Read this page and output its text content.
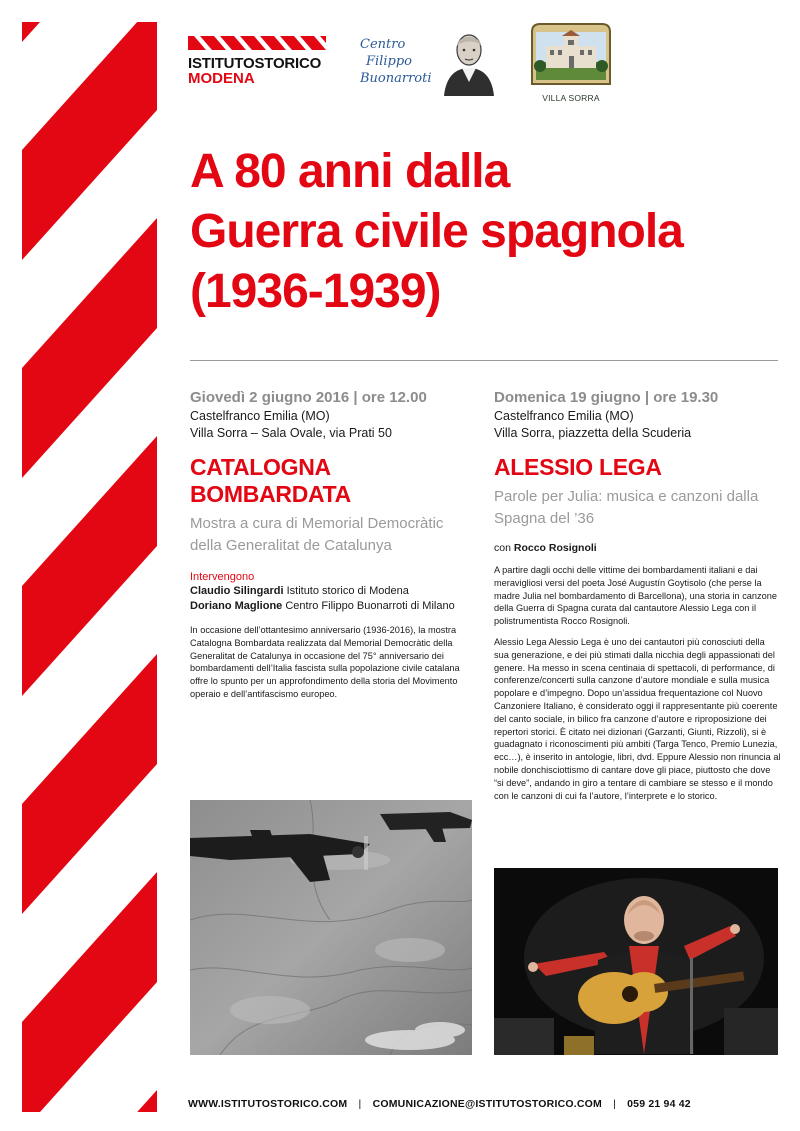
ISTITUTOSTORICO
MODENA
Centro
Filippo
Buonarroti
VILLA SORRA
A 80 anni dalla
Guerra civile spagnola
(1936-1939)
Giovedì 2 giugno 2016 | ore 12.00
Castelfranco Emilia (MO)
Villa Sorra – Sala Ovale, via Prati 50
CATALOGNA
BOMBARDATA
Mostra a cura di Memorial Democràtic
della Generalitat de Catalunya
Intervengono
Claudio Silingardi Istituto storico di Modena
Doriano Maglione Centro Filippo Buonarroti di Milano

In occasione dell’ottantesimo anniversario (1936-2016), la mostra Catalogna Bombardata realizzata dal Memorial Democràtic della Generalitat de Catalunya in occasione del 75° anniversario dei bombardamenti dell’Italia fascista sulla popolazione civile catalana offre lo spunto per un approfondimento della storia del Movimento operaio e dell’antifascismo europeo.

Domenica 19 giugno | ore 19.30
Castelfranco Emilia (MO)
Villa Sorra, piazzetta della Scuderia
ALESSIO LEGA
Parole per Julia: musica e canzoni dalla
Spagna del ’36
con Rocco Rosignoli

A partire dagli occhi delle vittime dei bombardamenti italiani e dai meravigliosi versi del poeta José Augustín Goytisolo (che perse la madre Julia nel bombardamento di Barcellona), una storia in canzone della Guerra di Spagna curata dal cantautore Alessio Lega con il polistrumentista Rocco Rosignoli.

Alessio Lega Alessio Lega è uno dei cantautori più conosciuti della sua generazione, e dei più stimati dalla nicchia degli appassionati del genere. Ha messo in scena centinaia di spettacoli, di performance, di conferenze/concerti sulla canzone d’autore mondiale e sulla musica popolare e d’impegno. Dopo un’assidua frequentazione col Nuovo Canzoniere Italiano, è considerato oggi il rappresentante più coerente del canto sociale, in bilico fra canzone d’autore e riproposizione dei repertori storici. È citato nei dizionari (Garzanti, Giunti, Rizzoli), si è guadagnato i riconoscimenti più ambiti (Targa Tenco, Premio Lunezia, ecc…), è inserito in antologie, libri, dvd. Eppure Alessio non rinuncia al nobile donchisciottismo di cantare dove gli piace, piuttosto che dove “si deve”, andando in giro a tentare di cambiare se stesso e il mondo con le canzoni di cui fa l’autore, l’interprete e lo storico.

WWW.ISTITUTOSTORICO.COM | COMUNICAZIONE@ISTITUTOSTORICO.COM | 059 21 94 42
